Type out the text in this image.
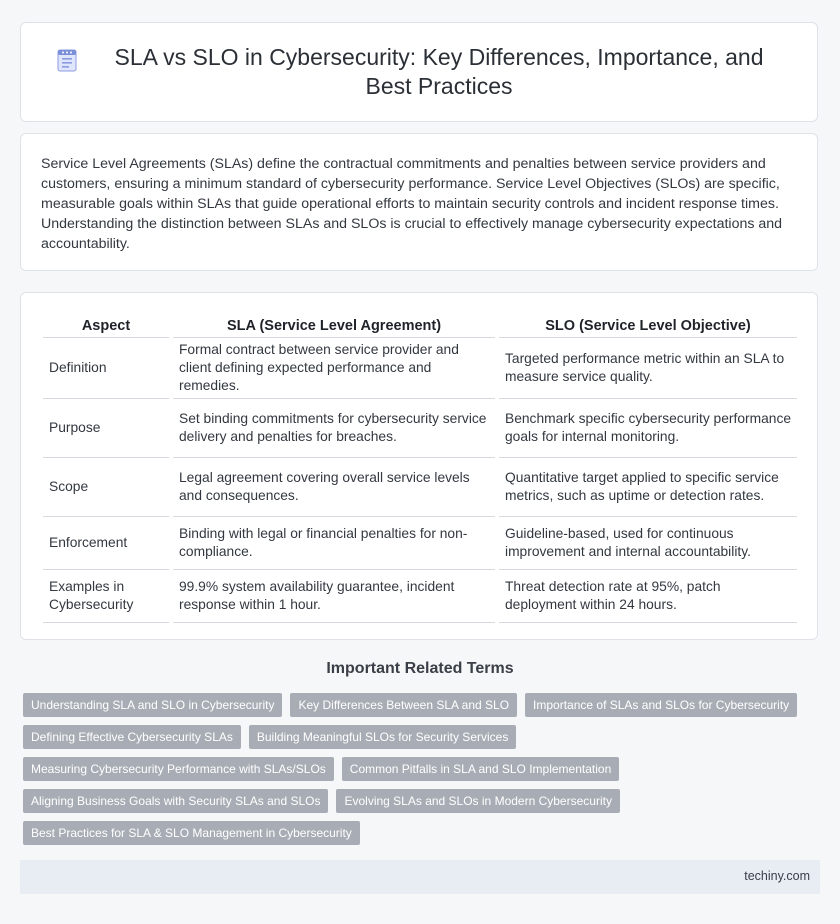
SLA vs SLO in Cybersecurity: Key Differences, Importance, and Best Practices

Service Level Agreements (SLAs) define the contractual commitments and penalties between service providers and customers, ensuring a minimum standard of cybersecurity performance. Service Level Objectives (SLOs) are specific, measurable goals within SLAs that guide operational efforts to maintain security controls and incident response times. Understanding the distinction between SLAs and SLOs is crucial to effectively manage cybersecurity expectations and accountability.

Aspect	SLA (Service Level Agreement)	SLO (Service Level Objective)
Definition	Formal contract between service provider and client defining expected performance and remedies.	Targeted performance metric within an SLA to measure service quality.
Purpose	Set binding commitments for cybersecurity service delivery and penalties for breaches.	Benchmark specific cybersecurity performance goals for internal monitoring.
Scope	Legal agreement covering overall service levels and consequences.	Quantitative target applied to specific service metrics, such as uptime or detection rates.
Enforcement	Binding with legal or financial penalties for non-compliance.	Guideline-based, used for continuous improvement and internal accountability.
Examples in Cybersecurity	99.9% system availability guarantee, incident response within 1 hour.	Threat detection rate at 95%, patch deployment within 24 hours.
Important Related Terms
Understanding SLA and SLO in Cybersecurity	Key Differences Between SLA and SLO	Importance of SLAs and SLOs for Cybersecurity
Defining Effective Cybersecurity SLAs	Building Meaningful SLOs for Security Services
Measuring Cybersecurity Performance with SLAs/SLOs	Common Pitfalls in SLA and SLO Implementation
Aligning Business Goals with Security SLAs and SLOs	Evolving SLAs and SLOs in Modern Cybersecurity
Best Practices for SLA & SLO Management in Cybersecurity
techiny.com
